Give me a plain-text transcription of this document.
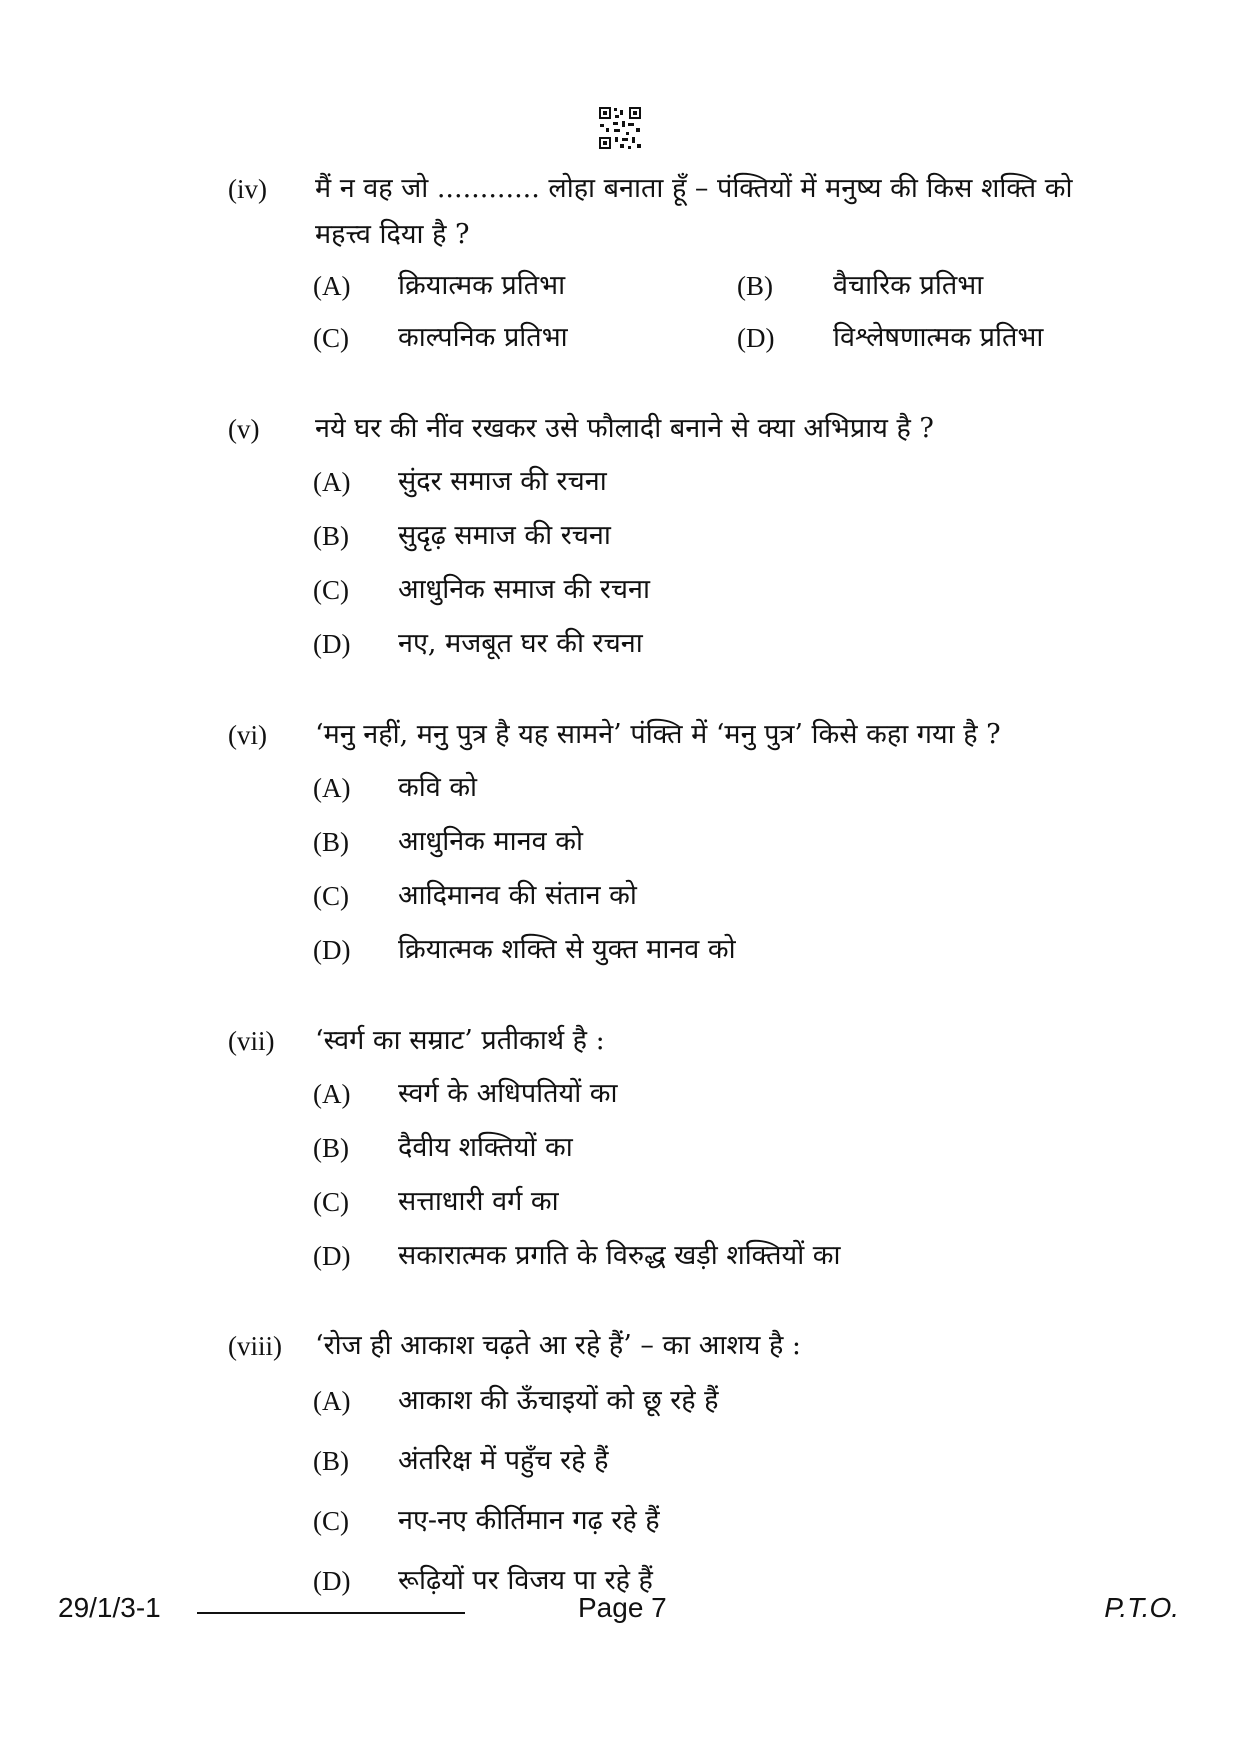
(iv) मैं न वह जो ............ लोहा बनाता हूँ – पंक्तियों में मनुष्य की किस शक्ति को महत्त्व दिया है ?
(A) क्रियात्मक प्रतिभा	(B) वैचारिक प्रतिभा
(C) काल्पनिक प्रतिभा	(D) विश्लेषणात्मक प्रतिभा
(v) नये घर की नींव रखकर उसे फौलादी बनाने से क्या अभिप्राय है ?
(A) सुंदर समाज की रचना
(B) सुदृढ़ समाज की रचना
(C) आधुनिक समाज की रचना
(D) नए, मजबूत घर की रचना
(vi) ‘मनु नहीं, मनु पुत्र है यह सामने’ पंक्ति में ‘मनु पुत्र’ किसे कहा गया है ?
(A) कवि को
(B) आधुनिक मानव को
(C) आदिमानव की संतान को
(D) क्रियात्मक शक्ति से युक्त मानव को
(vii) ‘स्वर्ग का सम्राट’ प्रतीकार्थ है :
(A) स्वर्ग के अधिपतियों का
(B) दैवीय शक्तियों का
(C) सत्ताधारी वर्ग का
(D) सकारात्मक प्रगति के विरुद्ध खड़ी शक्तियों का
(viii) ‘रोज ही आकाश चढ़ते आ रहे हैं’ – का आशय है :
(A) आकाश की ऊँचाइयों को छू रहे हैं
(B) अंतरिक्ष में पहुँच रहे हैं
(C) नए-नए कीर्तिमान गढ़ रहे हैं
(D) रूढ़ियों पर विजय पा रहे हैं
29/1/3-1	Page 7	P.T.O.
